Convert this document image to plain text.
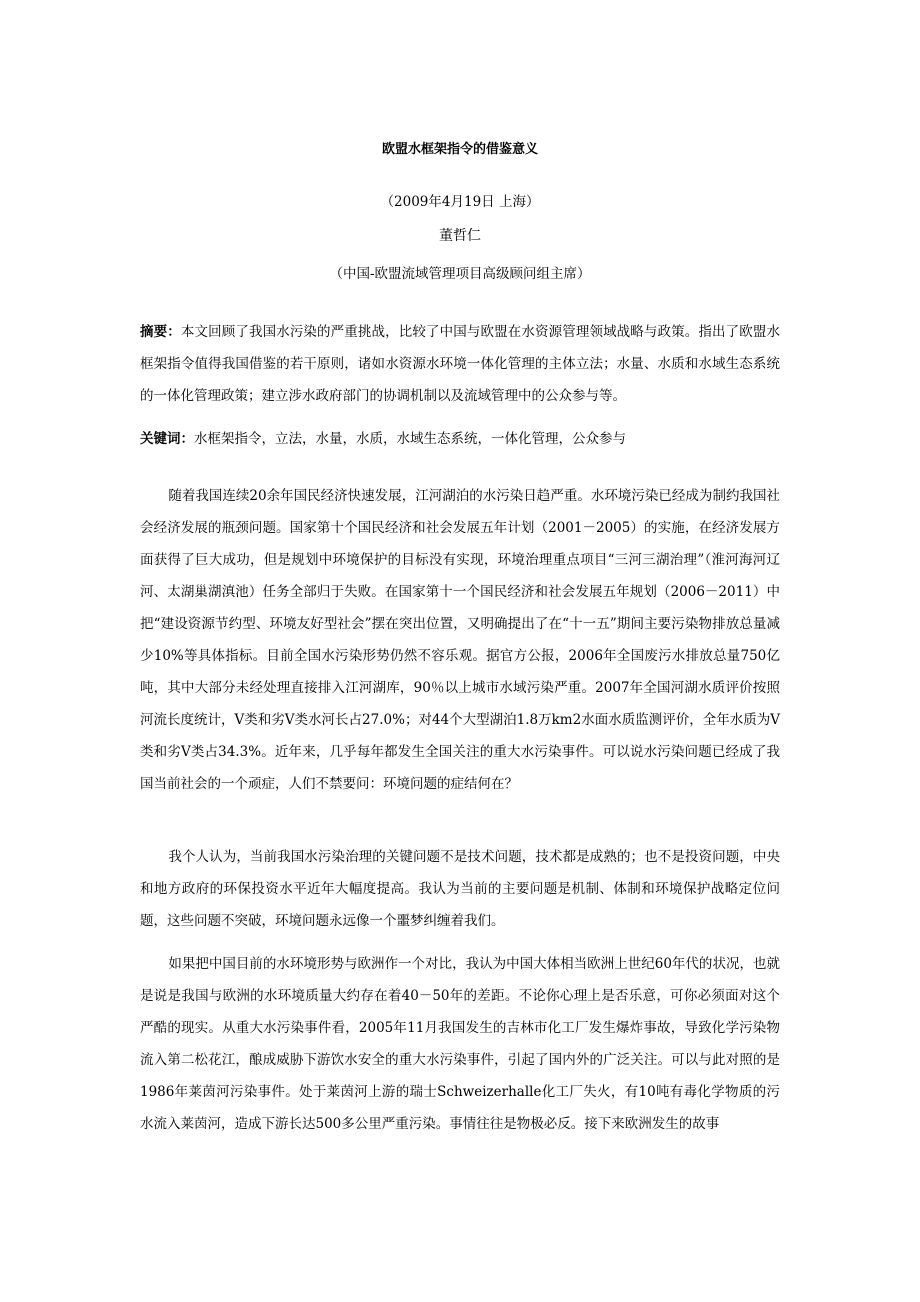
欧盟水框架指令的借鉴意义
（2009年4月19日 上海）
董哲仁
（中国-欧盟流域管理项目高级顾问组主席）
摘要：本文回顾了我国水污染的严重挑战，比较了中国与欧盟在水资源管理领域战略与政策。指出了欧盟水框架指令值得我国借鉴的若干原则，诸如水资源水环境一体化管理的主体立法；水量、水质和水域生态系统的一体化管理政策；建立涉水政府部门的协调机制以及流域管理中的公众参与等。
关键词：水框架指令，立法，水量，水质，水域生态系统，一体化管理，公众参与
随着我国连续20余年国民经济快速发展，江河湖泊的水污染日趋严重。水环境污染已经成为制约我国社会经济发展的瓶颈问题。国家第十个国民经济和社会发展五年计划（2001－2005）的实施，在经济发展方面获得了巨大成功，但是规划中环境保护的目标没有实现，环境治理重点项目“三河三湖治理”（淮河海河辽河、太湖巢湖滇池）任务全部归于失败。在国家第十一个国民经济和社会发展五年规划（2006－2011）中把“建设资源节约型、环境友好型社会”摆在突出位置，又明确提出了在“十一五”期间主要污染物排放总量减少10%等具体指标。目前全国水污染形势仍然不容乐观。据官方公报，2006年全国废污水排放总量750亿吨，其中大部分未经处理直接排入江河湖库，90％以上城市水域污染严重。2007年全国河湖水质评价按照河流长度统计，Ⅴ类和劣Ⅴ类水河长占27.0%；对44个大型湖泊1.8万km2水面水质监测评价，全年水质为Ⅴ类和劣Ⅴ类占34.3%。近年来，几乎每年都发生全国关注的重大水污染事件。可以说水污染问题已经成了我国当前社会的一个顽症，人们不禁要问：环境问题的症结何在？
我个人认为，当前我国水污染治理的关键问题不是技术问题，技术都是成熟的；也不是投资问题，中央和地方政府的环保投资水平近年大幅度提高。我认为当前的主要问题是机制、体制和环境保护战略定位问题，这些问题不突破，环境问题永远像一个噩梦纠缠着我们。
如果把中国目前的水环境形势与欧洲作一个对比，我认为中国大体相当欧洲上世纪60年代的状况，也就是说是我国与欧洲的水环境质量大约存在着40－50年的差距。不论你心理上是否乐意，可你必须面对这个严酷的现实。从重大水污染事件看，2005年11月我国发生的吉林市化工厂发生爆炸事故，导致化学污染物流入第二松花江，酿成威胁下游饮水安全的重大水污染事件，引起了国内外的广泛关注。可以与此对照的是1986年莱茵河污染事件。处于莱茵河上游的瑞士Schweizerhalle化工厂失火，有10吨有毒化学物质的污水流入莱茵河，造成下游长达500多公里严重污染。事情往往是物极必反。接下来欧洲发生的故事
